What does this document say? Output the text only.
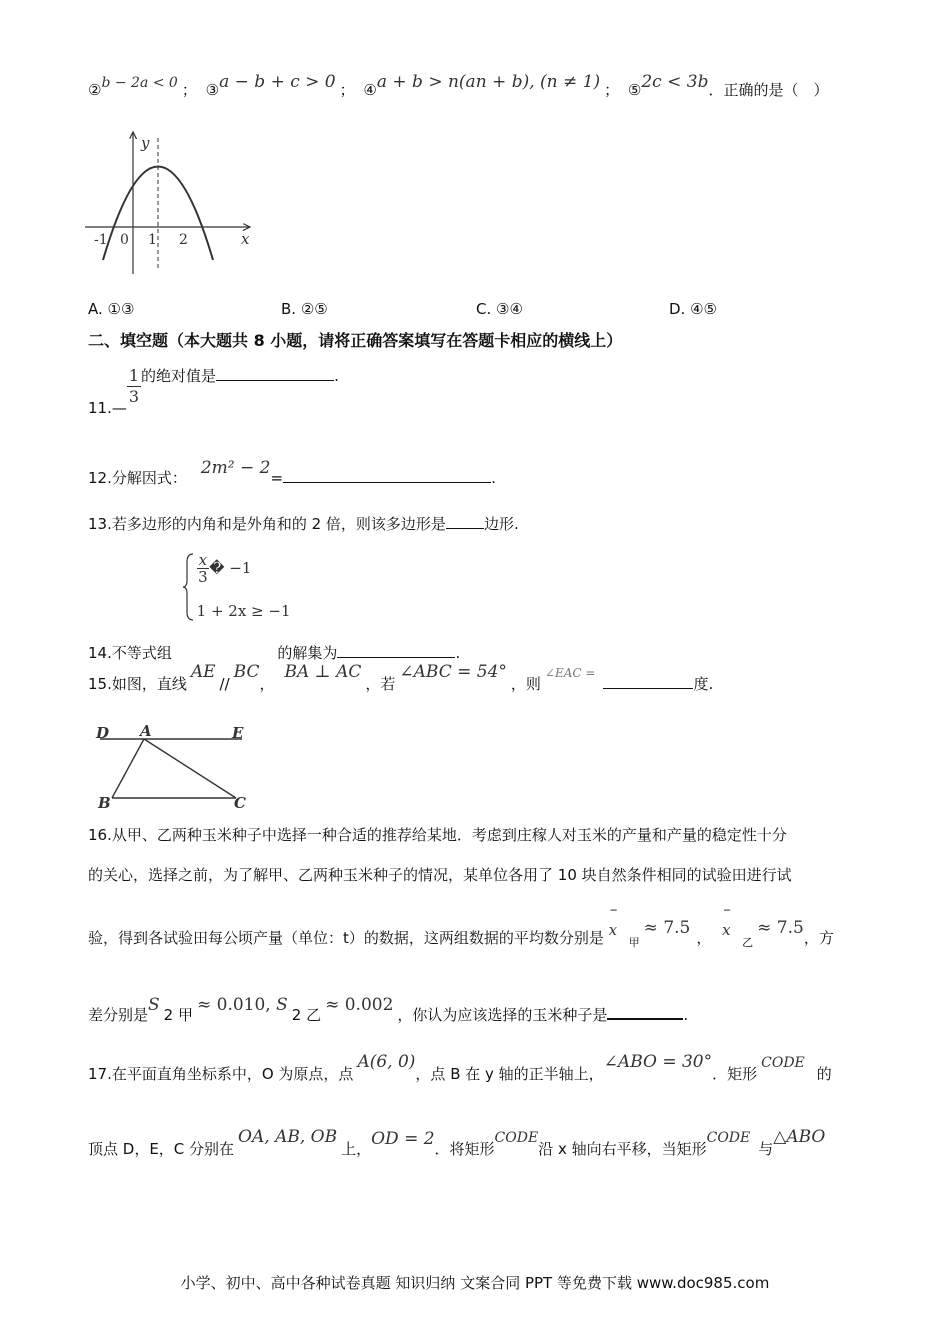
②b − 2a < 0 ； ③a − b + c > 0 ； ④a + b > n(an + b), (n ≠ 1) ； ⑤2c < 3b．正确的是（　）
y
x
-1 0 1 2
A. ①③	B. ②⑤	C. ③④	D. ④⑤
二、填空题（本大题共 8 小题，请将正确答案填写在答题卡相应的横线上）
11.—
$\frac{1}{3}$ 的绝对值是	.
12.分解因式： 2m² − 2=	.
13.若多边形的内角和是外角和的 2 倍，则该多边形是	边形.
14.不等式组
$\frac{x}{3}$ � −1
1 + 2x ≥ −1
的解集为	.
15.如图，直线AE//BC，BA ⊥ AC，若∠ABC = 54°，则$^{\angle EAC =}$度.
D A	E
B	C
16.从甲、乙两种玉米种子中选择一种合适的推荐给某地．考虑到庄稼人对玉米的产量和产量的稳定性十分
的关心，选择之前，为了解甲、乙两种玉米种子的情况，某单位各用了 10 块自然条件相同的试验田进行试
验，得到各试验田每公顷产量（单位：t）的数据，这两组数据的平均数分别是
‾
$x_甲\approx 7.5$ ，
‾
$x_乙\approx 7.5$，方
差分别是S 2 甲 ≈ 0.010, S 2 乙 ≈ 0.002 ，你认为应该选择的玉米种子是	.
17.在平面直角坐标系中，O 为原点，点A(6, 0)，点 B 在 y 轴的正半轴上，∠ABO = 30°．矩形CODE的
顶点 D，E，C 分别在OA, AB, OB上，OD = 2．将矩形CODE沿 x 轴向右平移，当矩形CODE与△ABO
小学、初中、高中各种试卷真题 知识归纳 文案合同 PPT 等免费下载 www.doc985.com
